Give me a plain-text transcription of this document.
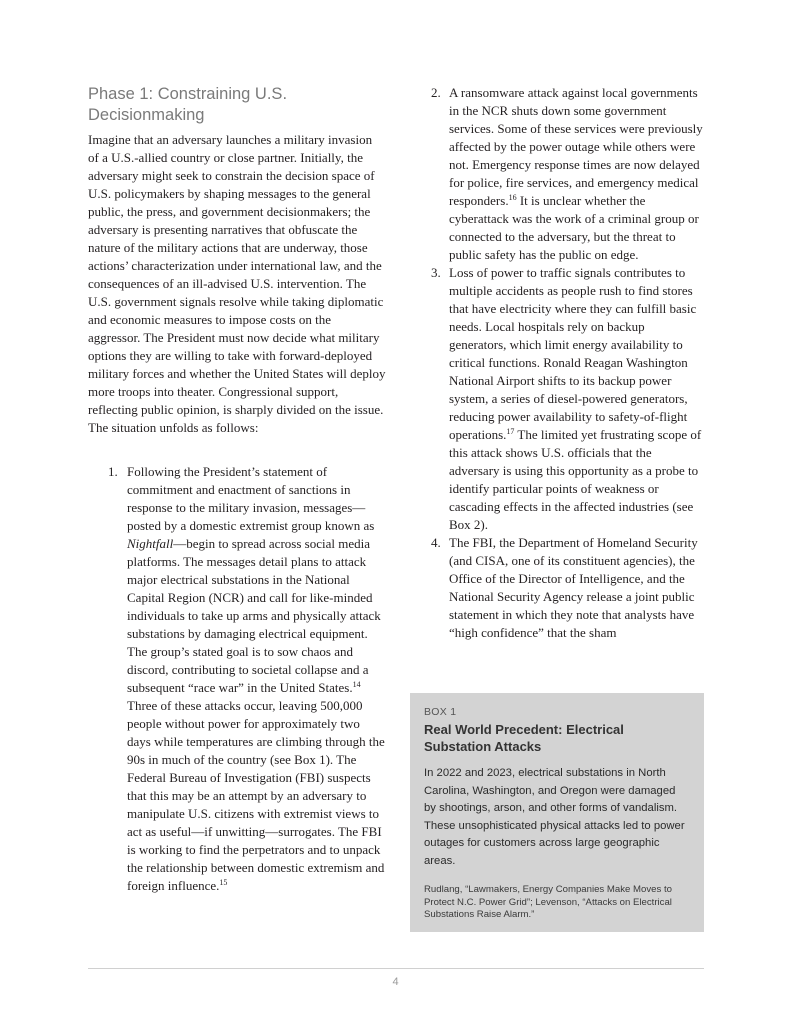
Phase 1: Constraining U.S. Decisionmaking

Imagine that an adversary launches a military invasion of a U.S.-allied country or close partner. Initially, the adversary might seek to constrain the decision space of U.S. policymakers by shaping messages to the general public, the press, and government decisionmakers; the adversary is presenting narratives that obfuscate the nature of the military actions that are underway, those actions’ characterization under international law, and the consequences of an ill-advised U.S. intervention. The U.S. government signals resolve while taking diplomatic and economic measures to impose costs on the aggressor. The President must now decide what military options they are willing to take with forward-deployed military forces and whether the United States will deploy more troops into theater. Congressional support, reflecting public opinion, is sharply divided on the issue. The situation unfolds as follows:

1. Following the President’s statement of commitment and enactment of sanctions in response to the military invasion, messages—posted by a domestic extremist group known as Nightfall—begin to spread across social media platforms. The messages detail plans to attack major electrical substations in the National Capital Region (NCR) and call for like-minded individuals to take up arms and physically attack substations by damaging electrical equipment. The group’s stated goal is to sow chaos and discord, contributing to societal collapse and a subsequent “race war” in the United States.$^{14}$ Three of these attacks occur, leaving 500,000 people without power for approximately two days while temperatures are climbing through the 90s in much of the country (see Box 1). The Federal Bureau of Investigation (FBI) suspects that this may be an attempt by an adversary to manipulate U.S. citizens with extremist views to act as useful—if unwitting—surrogates. The FBI is working to find the perpetrators and to unpack the relationship between domestic extremism and foreign influence.$^{15}$
2. A ransomware attack against local governments in the NCR shuts down some government services. Some of these services were previously affected by the power outage while others were not. Emergency response times are now delayed for police, fire services, and emergency medical responders.$^{16}$ It is unclear whether the cyberattack was the work of a criminal group or connected to the adversary, but the threat to public safety has the public on edge.
3. Loss of power to traffic signals contributes to multiple accidents as people rush to find stores that have electricity where they can fulfill basic needs. Local hospitals rely on backup generators, which limit energy availability to critical functions. Ronald Reagan Washington National Airport shifts to its backup power system, a series of diesel-powered generators, reducing power availability to safety-of-flight operations.$^{17}$ The limited yet frustrating scope of this attack shows U.S. officials that the adversary is using this opportunity as a probe to identify particular points of weakness or cascading effects in the affected industries (see Box 2).
4. The FBI, the Department of Homeland Security (and CISA, one of its constituent agencies), the Office of the Director of Intelligence, and the National Security Agency release a joint public statement in which they note that analysts have “high confidence” that the sham
BOX 1
Real World Precedent: Electrical Substation Attacks
In 2022 and 2023, electrical substations in North Carolina, Washington, and Oregon were damaged by shootings, arson, and other forms of vandalism. These unsophisticated physical attacks led to power outages for customers across large geographic areas.
Rudlang, “Lawmakers, Energy Companies Make Moves to Protect N.C. Power Grid”; Levenson, “Attacks on Electrical Substations Raise Alarm.”
4
